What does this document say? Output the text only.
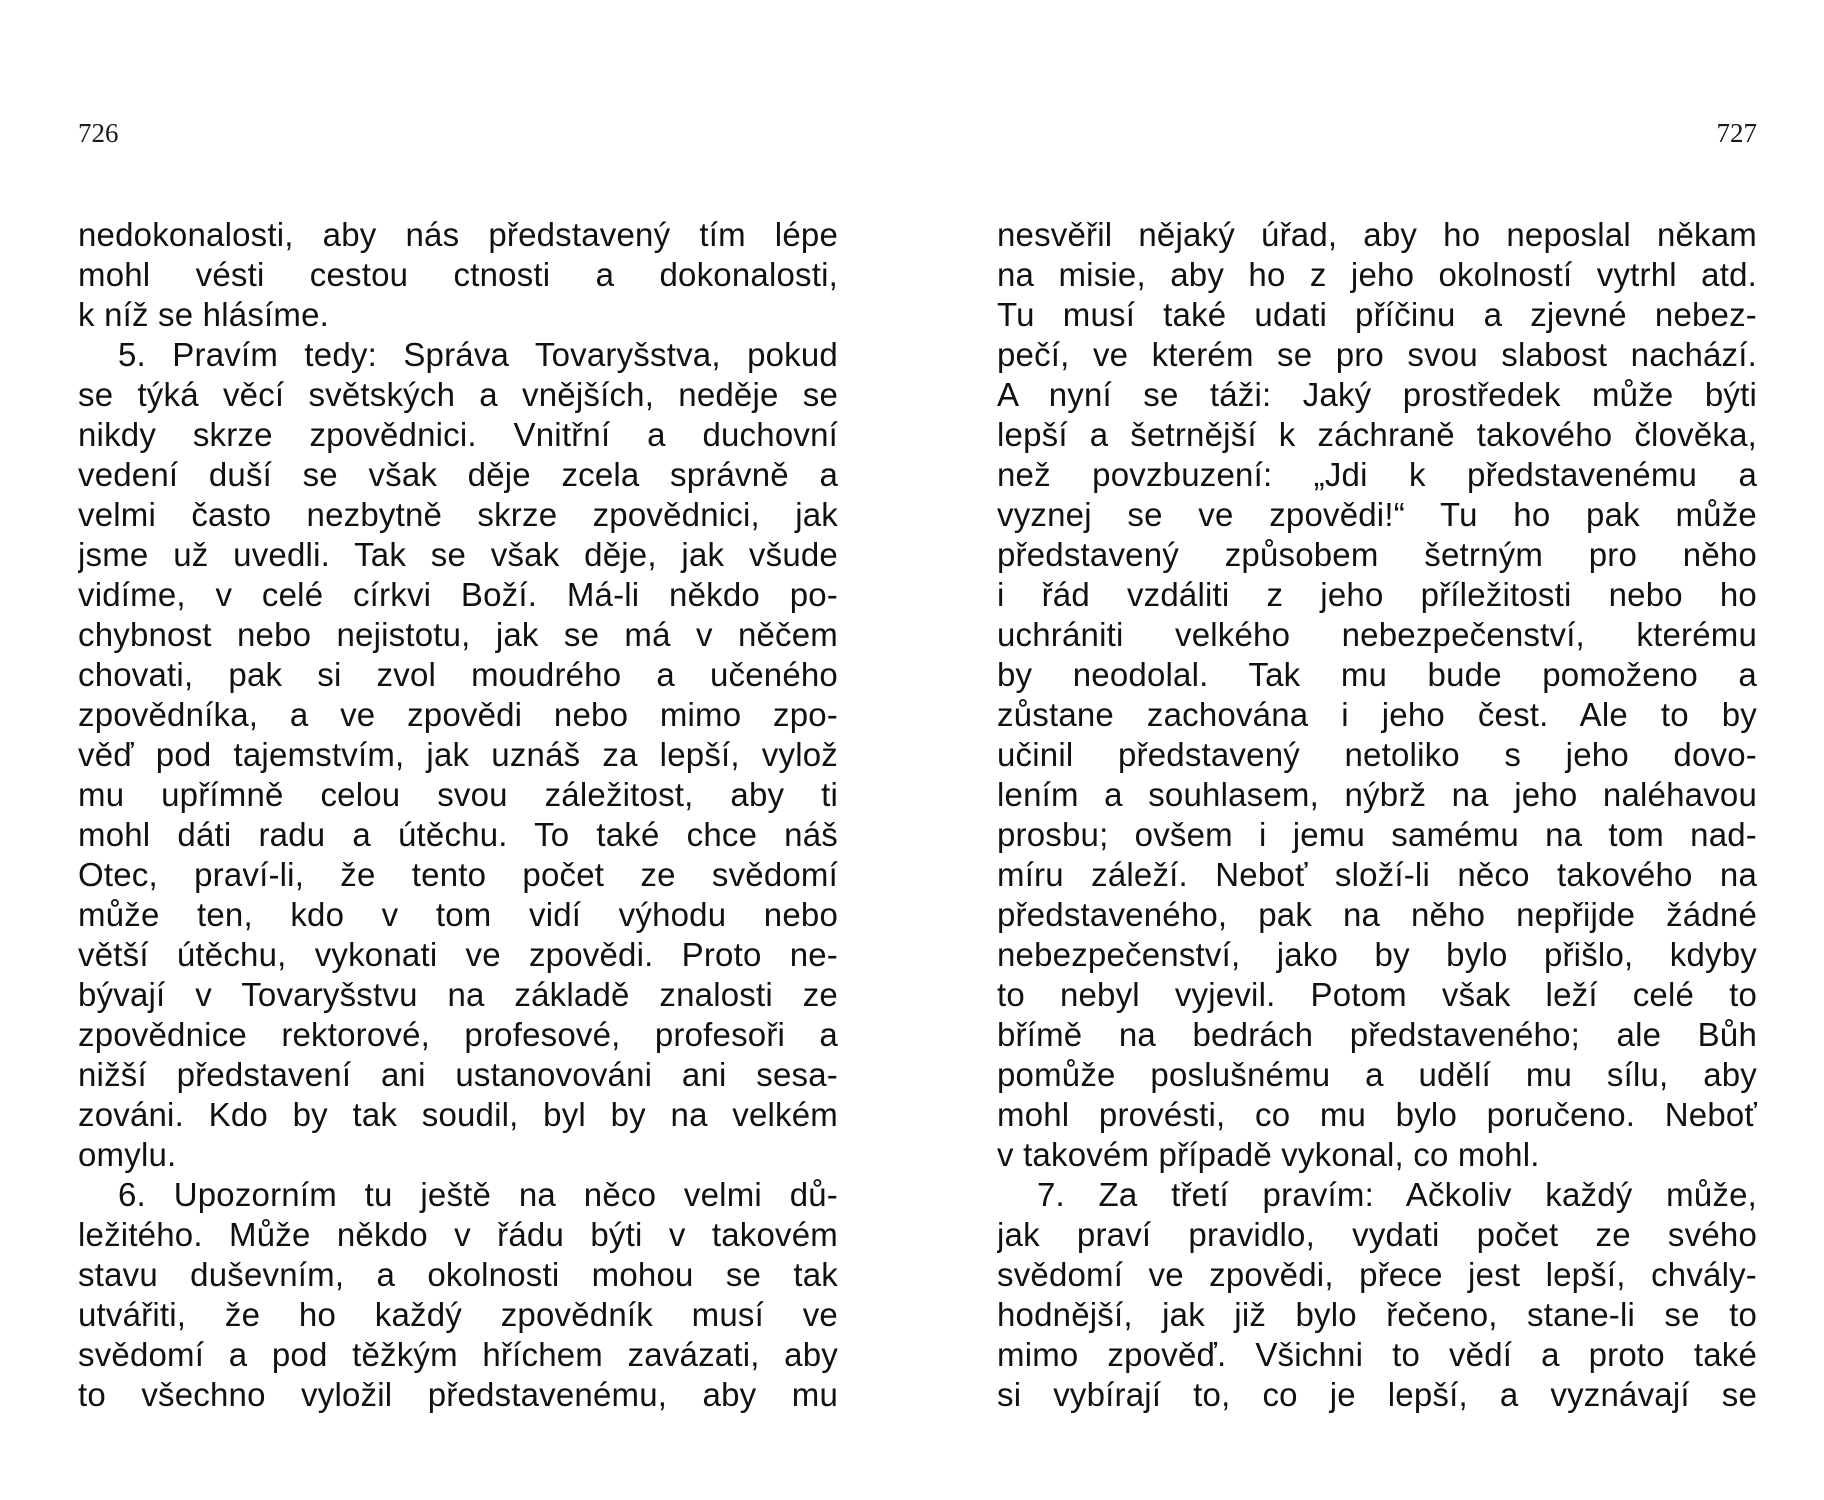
726
nedokonalosti, aby nás představený tím lépe
mohl vésti cestou ctnosti a dokonalosti,
k níž se hlásíme.
5. Pravím tedy: Správa Tovaryšstva, pokud
se týká věcí světských a vnějších, neděje se
nikdy skrze zpovědnici. Vnitřní a duchovní
vedení duší se však děje zcela správně a
velmi často nezbytně skrze zpovědnici, jak
jsme už uvedli. Tak se však děje, jak všude
vidíme, v celé církvi Boží. Má-li někdo po-
chybnost nebo nejistotu, jak se má v něčem
chovati, pak si zvol moudrého a učeného
zpovědníka, a ve zpovědi nebo mimo zpo-
věď pod tajemstvím, jak uznáš za lepší, vylož
mu upřímně celou svou záležitost, aby ti
mohl dáti radu a útěchu. To také chce náš
Otec, praví-li, že tento počet ze svědomí
může ten, kdo v tom vidí výhodu nebo
větší útěchu, vykonati ve zpovědi. Proto ne-
bývají v Tovaryšstvu na základě znalosti ze
zpovědnice rektorové, profesové, profesoři a
nižší představení ani ustanovováni ani sesa-
zováni. Kdo by tak soudil, byl by na velkém
omylu.
6. Upozorním tu ještě na něco velmi dů-
ležitého. Může někdo v řádu býti v takovém
stavu duševním, a okolnosti mohou se tak
utvářiti, že ho každý zpovědník musí ve
svědomí a pod těžkým hříchem zavázati, aby
to všechno vyložil představenému, aby mu
727
nesvěřil nějaký úřad, aby ho neposlal někam
na misie, aby ho z jeho okolností vytrhl atd.
Tu musí také udati příčinu a zjevné nebez-
pečí, ve kterém se pro svou slabost nachází.
A nyní se táži: Jaký prostředek může býti
lepší a šetrnější k záchraně takového člověka,
než povzbuzení: „Jdi k představenému a
vyznej se ve zpovědi!“ Tu ho pak může
představený způsobem šetrným pro něho
i řád vzdáliti z jeho příležitosti nebo ho
uchrániti velkého nebezpečenství, kterému
by neodolal. Tak mu bude pomoženo a
zůstane zachována i jeho čest. Ale to by
učinil představený netoliko s jeho dovo-
lením a souhlasem, nýbrž na jeho naléhavou
prosbu; ovšem i jemu samému na tom nad-
míru záleží. Neboť složí-li něco takového na
představeného, pak na něho nepřijde žádné
nebezpečenství, jako by bylo přišlo, kdyby
to nebyl vyjevil. Potom však leží celé to
břímě na bedrách představeného; ale Bůh
pomůže poslušnému a udělí mu sílu, aby
mohl provésti, co mu bylo poručeno. Neboť
v takovém případě vykonal, co mohl.
7. Za třetí pravím: Ačkoliv každý může,
jak praví pravidlo, vydati počet ze svého
svědomí ve zpovědi, přece jest lepší, chvály-
hodnější, jak již bylo řečeno, stane-li se to
mimo zpověď. Všichni to vědí a proto také
si vybírají to, co je lepší, a vyznávají se
